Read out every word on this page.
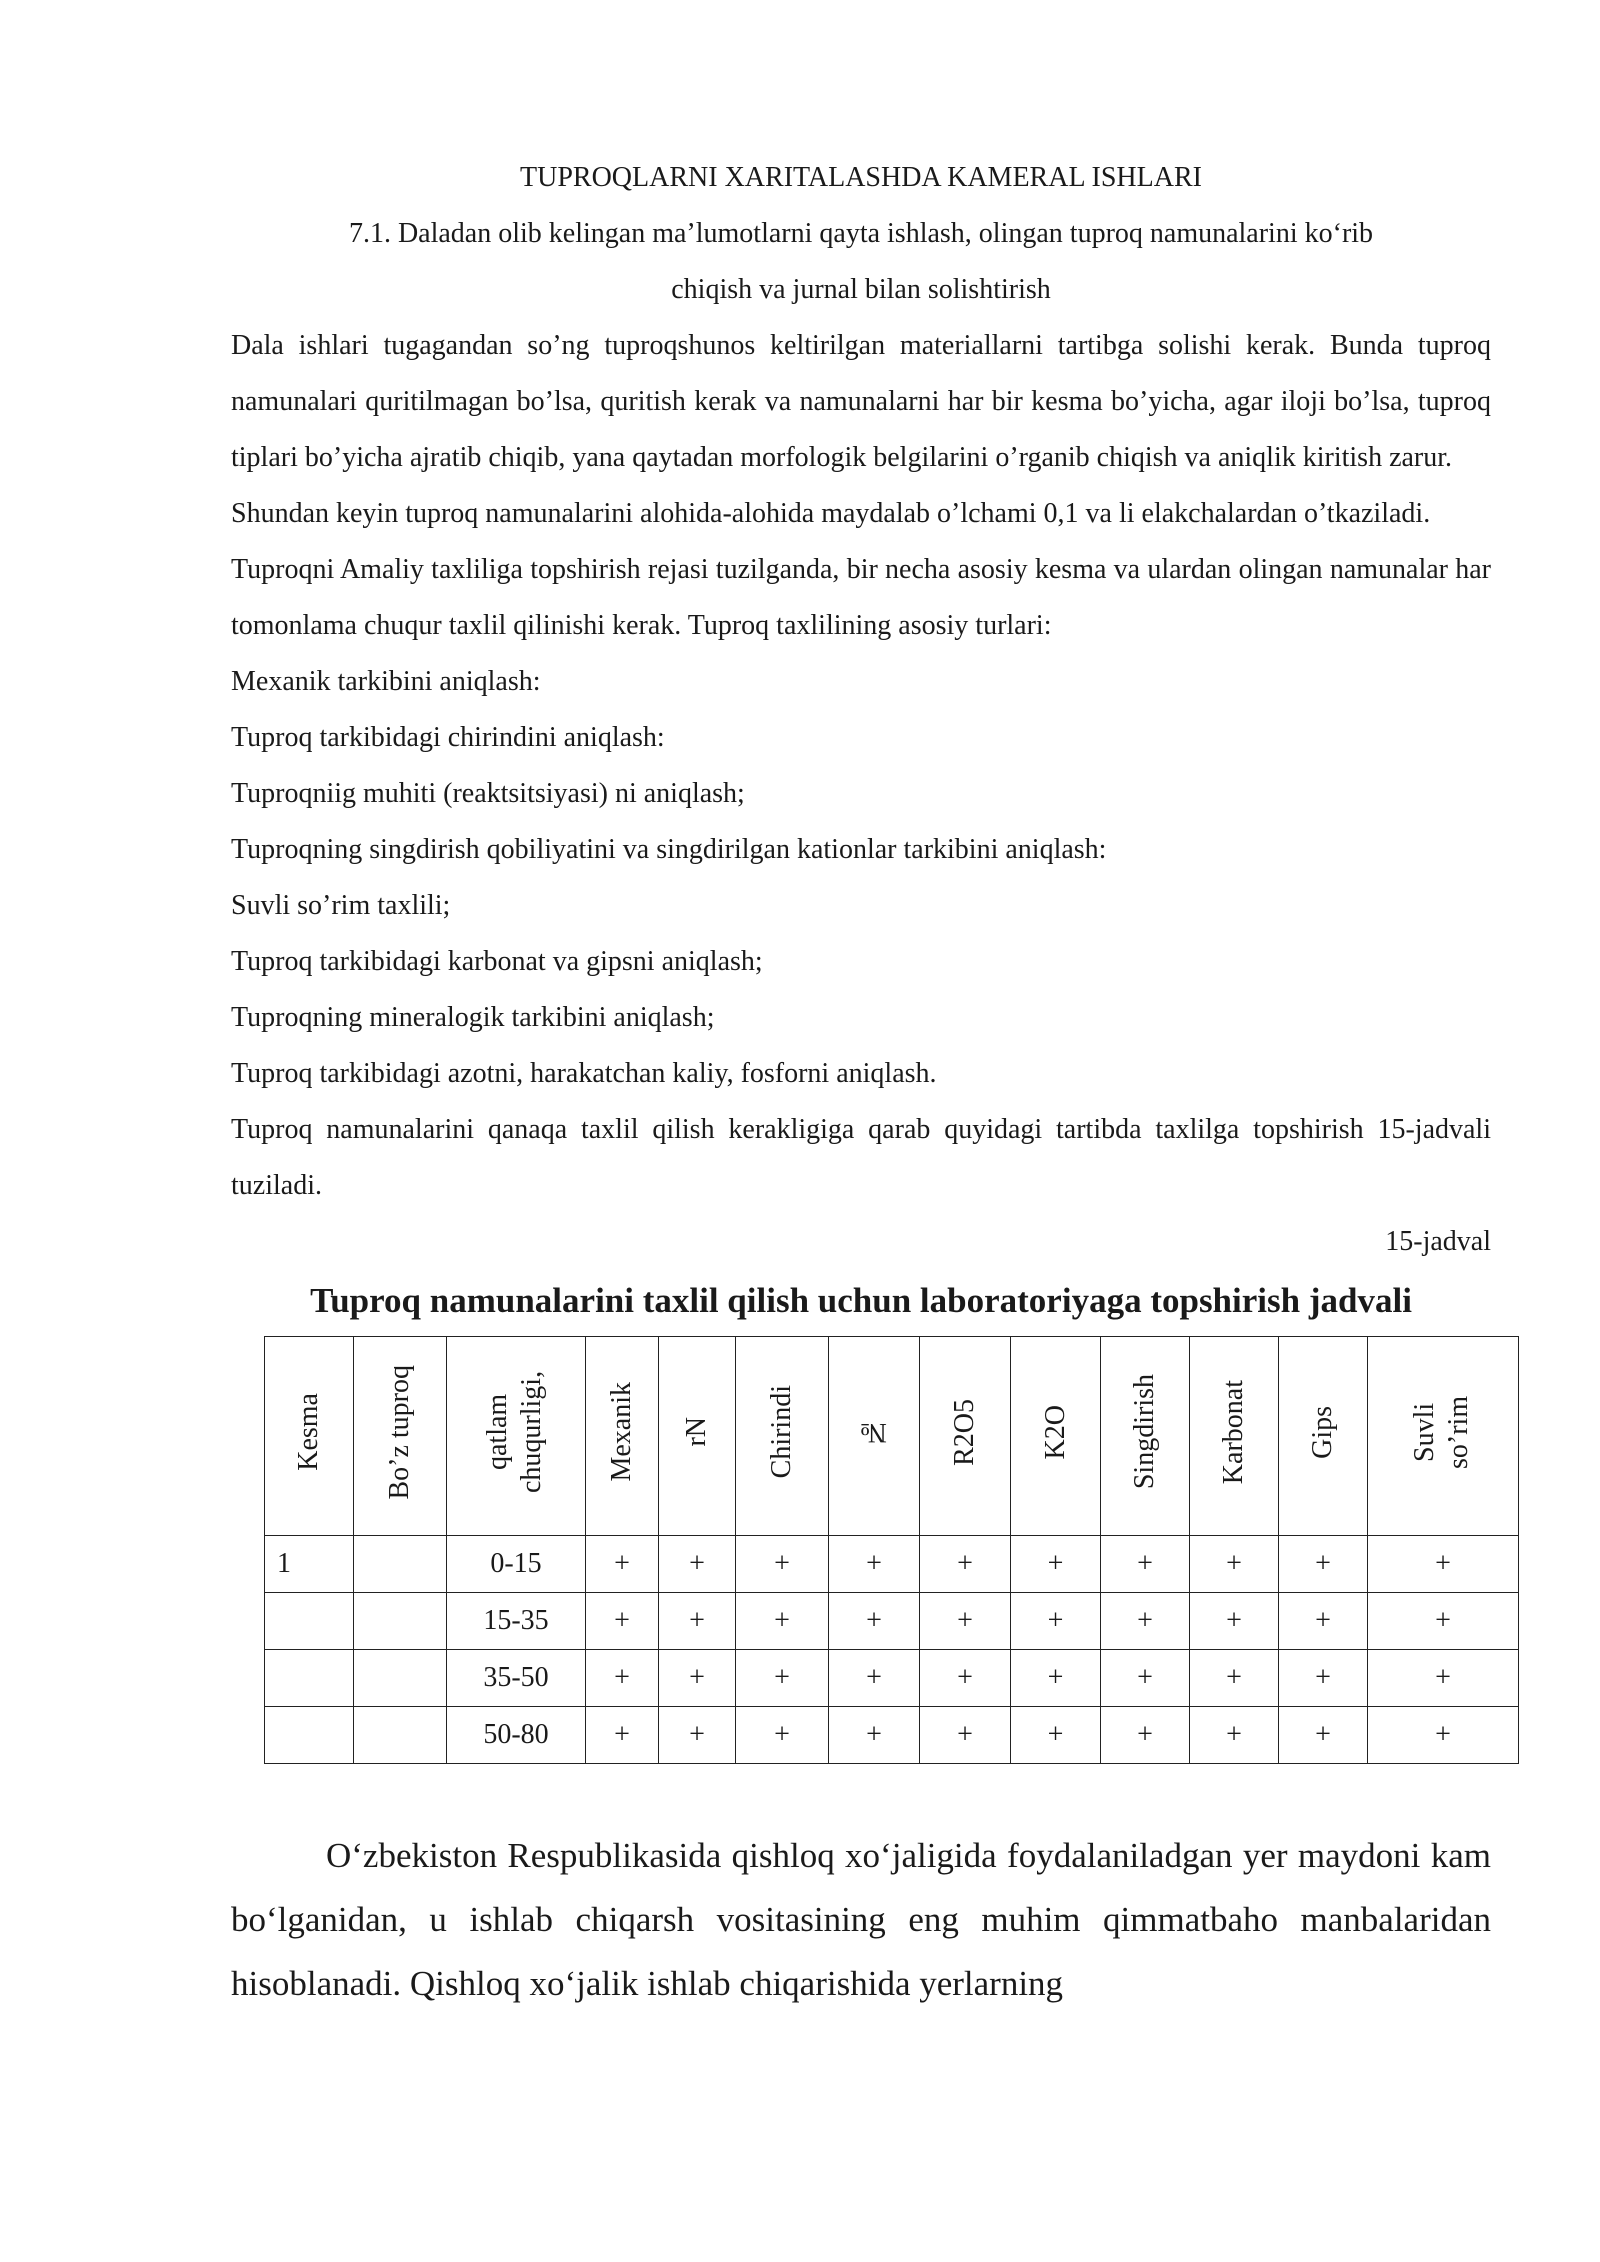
TUPROQLARNI XARITALASHDA KAMERAL ISHLARI

7.1. Daladan olib kelingan ma’lumotlarni qayta ishlash, olingan tuproq namunalarini ko‘rib

chiqish va jurnal bilan solishtirish

Dala ishlari tugagandan so’ng tuproqshunos keltirilgan materiallarni tartibga solishi kerak. Bunda tuproq namunalari quritilmagan bo’lsa, quritish kerak va namunalarni har bir kesma bo’yicha, agar iloji bo’lsa, tuproq tiplari bo’yicha ajratib chiqib, yana qaytadan morfologik belgilarini o’rganib chiqish va aniqlik kiritish zarur.

Shundan keyin tuproq namunalarini alohida-alohida maydalab o’lchami 0,1 va li elakchalardan o’tkaziladi.

Tuproqni Amaliy taxliliga topshirish rejasi tuzilganda, bir necha asosiy kesma va ulardan olingan namunalar har tomonlama chuqur taxlil qilinishi kerak. Tuproq taxlilining asosiy turlari:

Mexanik tarkibini aniqlash:

Tuproq tarkibidagi chirindini aniqlash:

Tuproqniig muhiti (reaktsitsiyasi) ni aniqlash;

Tuproqning singdirish qobiliyatini va singdirilgan kationlar tarkibini aniqlash:

Suvli so’rim taxlili;

Tuproq tarkibidagi karbonat va gipsni aniqlash;

Tuproqning mineralogik tarkibini aniqlash;

Tuproq tarkibidagi azotni, harakatchan kaliy, fosforni aniqlash.

Tuproq namunalarini qanaqa taxlil qilish kerakligiga qarab quyidagi tartibda taxlilga topshirish 15-jadvali tuziladi.

15-jadval

Tuproq namunalarini taxlil qilish uchun laboratoriyaga topshirish jadvali
Kesma	Bo’z tuproq	qatlam chuqurligi,	Mexanik	rN	Chirindi	№	R2O5	K2O	Singdirish	Karbonat	Gips	Suvli so’rim
1		0-15	+	+	+	+	+	+	+	+	+	+
		15-35	+	+	+	+	+	+	+	+	+	+
		35-50	+	+	+	+	+	+	+	+	+	+
		50-80	+	+	+	+	+	+	+	+	+	+

O‘zbekiston Respublikasida qishloq xo‘jaligida foydalaniladgan yer maydoni kam bo‘lganidan, u ishlab chiqarsh vositasining eng muhim qimmatbaho manbalaridan hisoblanadi. Qishloq xo‘jalik ishlab chiqarishida yerlarning
